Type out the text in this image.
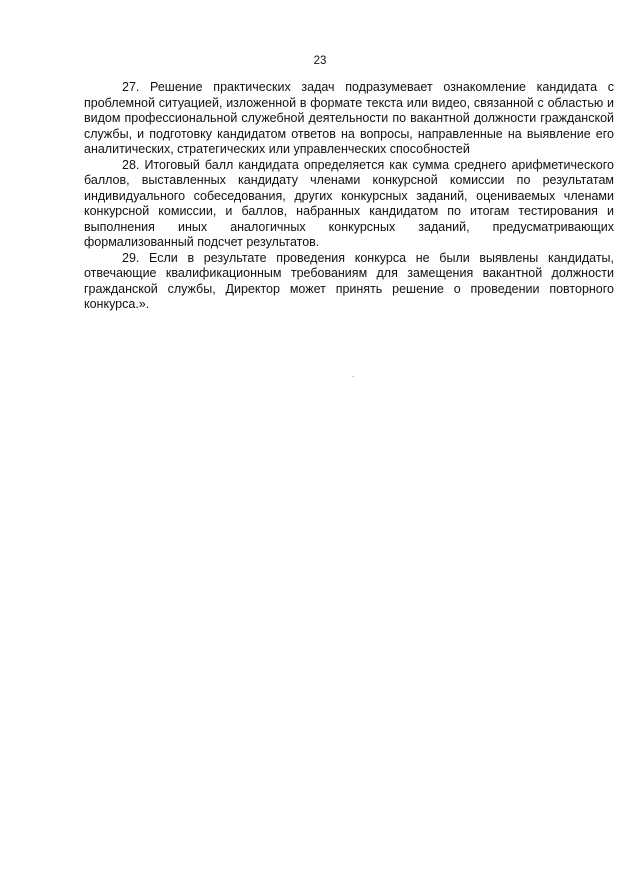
23

27. Решение практических задач подразумевает ознакомление кандидата с проблемной ситуацией, изложенной в формате текста или видео, связанной с областью и видом профессиональной служебной деятельности по вакантной должности гражданской службы, и подготовку кандидатом ответов на вопросы, направленные на выявление его аналитических, стратегических или управленческих способностей

28. Итоговый балл кандидата определяется как сумма среднего арифметического баллов, выставленных кандидату членами конкурсной комиссии по результатам индивидуального собеседования, других конкурсных заданий, оцениваемых членами конкурсной комиссии, и баллов, набранных кандидатом по итогам тестирования и выполнения иных аналогичных конкурсных заданий, предусматривающих формализованный подсчет результатов.

29. Если в результате проведения конкурса не были выявлены кандидаты, отвечающие квалификационным требованиям для замещения вакантной должности гражданской службы, Директор может принять решение о проведении повторного конкурса.».
